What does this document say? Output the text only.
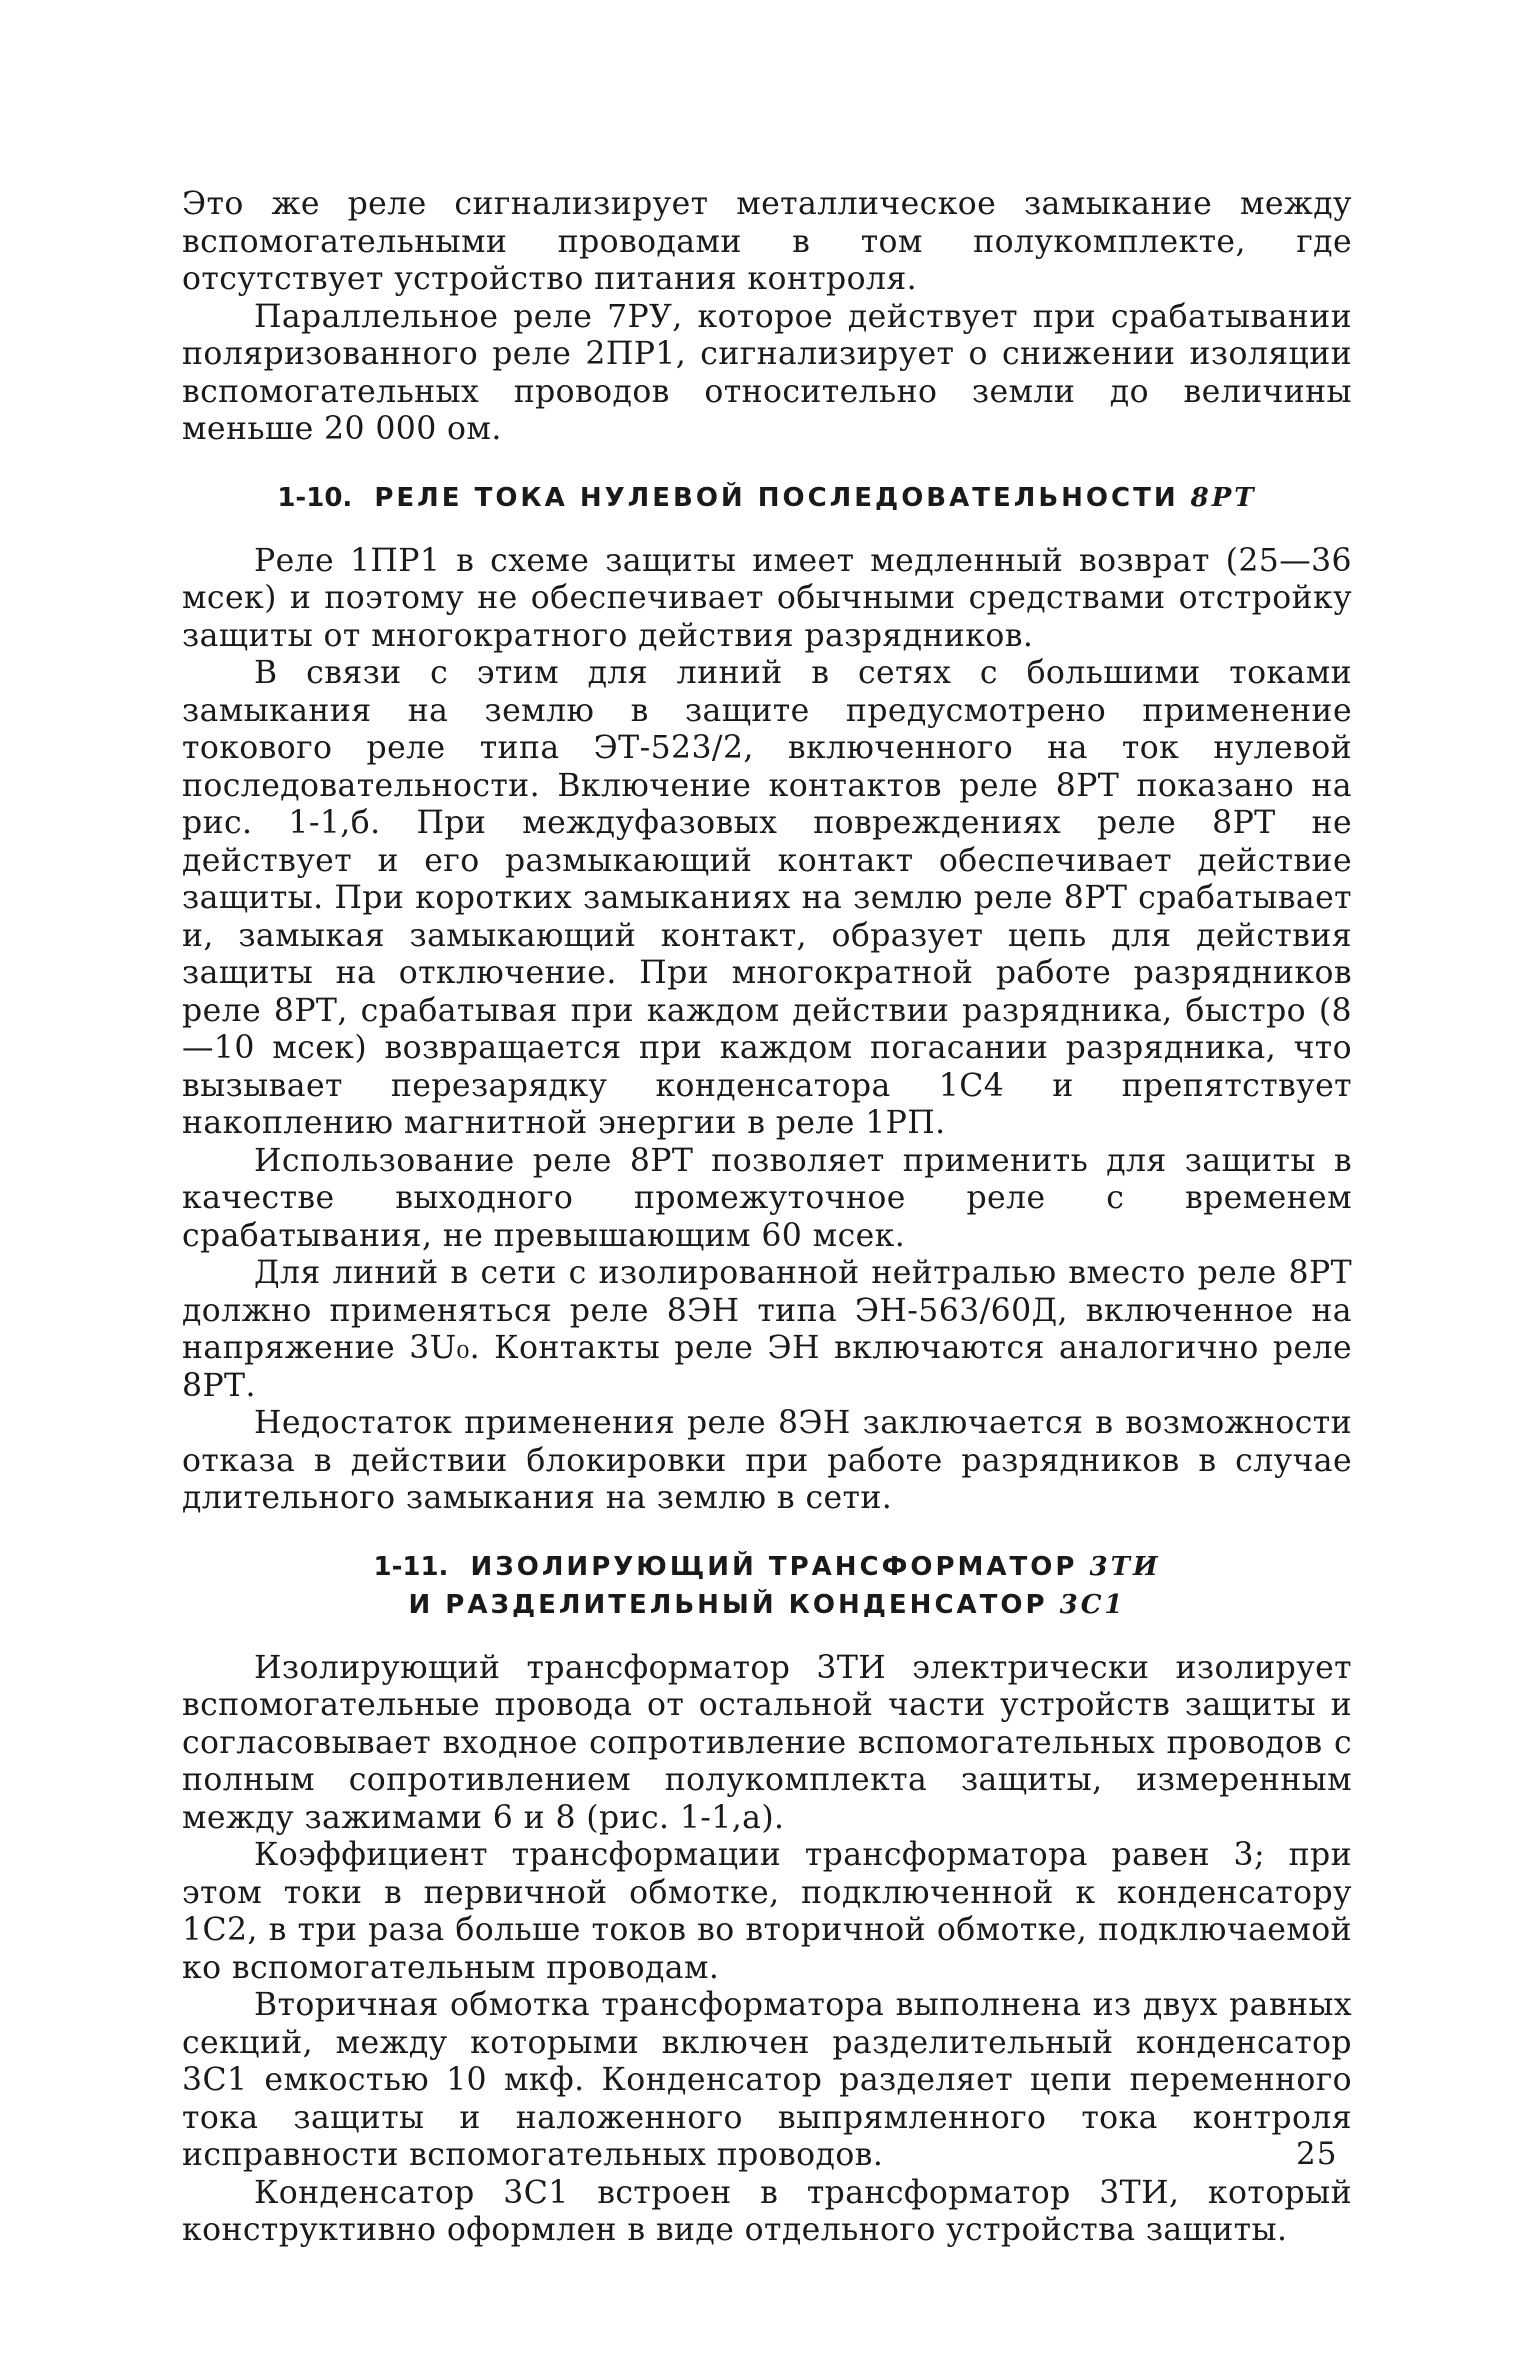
Это же реле сигнализирует металлическое замыкание между вспомогательными проводами в том полукомплекте, где отсутствует устройство питания контроля.

Параллельное реле 7РУ, которое действует при срабатывании поляризованного реле 2ПР1, сигнализирует о снижении изоляции вспомогательных проводов относительно земли до величины меньше 20 000 ом.

1-10. РЕЛЕ ТОКА НУЛЕВОЙ ПОСЛЕДОВАТЕЛЬНОСТИ 8РТ

Реле 1ПР1 в схеме защиты имеет медленный возврат (25—36 мсек) и поэтому не обеспечивает обычными средствами отстройку защиты от многократного действия разрядников.

В связи с этим для линий в сетях с большими токами замыкания на землю в защите предусмотрено применение токового реле типа ЭТ-523/2, включенного на ток нулевой последовательности. Включение контактов реле 8РТ показано на рис. 1-1,б. При междуфазовых повреждениях реле 8РТ не действует и его размыкающий контакт обеспечивает действие защиты. При коротких замыканиях на землю реле 8РТ срабатывает и, замыкая замыкающий контакт, образует цепь для действия защиты на отключение. При многократной работе разрядников реле 8РТ, срабатывая при каждом действии разрядника, быстро (8—10 мсек) возвращается при каждом погасании разрядника, что вызывает перезарядку конденсатора 1С4 и препятствует накоплению магнитной энергии в реле 1РП.

Использование реле 8РТ позволяет применить для защиты в качестве выходного промежуточное реле с временем срабатывания, не превышающим 60 мсек.

Для линий в сети с изолированной нейтралью вместо реле 8РТ должно применяться реле 8ЭН типа ЭН-563/60Д, включенное на напряжение 3U₀. Контакты реле ЭН включаются аналогично реле 8РТ.

Недостаток применения реле 8ЭН заключается в возможности отказа в действии блокировки при работе разрядников в случае длительного замыкания на землю в сети.

1-11. ИЗОЛИРУЮЩИЙ ТРАНСФОРМАТОР 3ТИ
И РАЗДЕЛИТЕЛЬНЫЙ КОНДЕНСАТОР 3С1

Изолирующий трансформатор 3ТИ электрически изолирует вспомогательные провода от остальной части устройств защиты и согласовывает входное сопротивление вспомогательных проводов с полным сопротивлением полукомплекта защиты, измеренным между зажимами 6 и 8 (рис. 1-1,а).

Коэффициент трансформации трансформатора равен 3; при этом токи в первичной обмотке, подключенной к конденсатору 1С2, в три раза больше токов во вторичной обмотке, подключаемой ко вспомогательным проводам.

Вторичная обмотка трансформатора выполнена из двух равных секций, между которыми включен разделительный конденсатор 3С1 емкостью 10 мкф. Конденсатор разделяет цепи переменного тока защиты и наложенного выпрямленного тока контроля исправности вспомогательных проводов.

Конденсатор 3С1 встроен в трансформатор 3ТИ, который конструктивно оформлен в виде отдельного устройства защиты.

25
